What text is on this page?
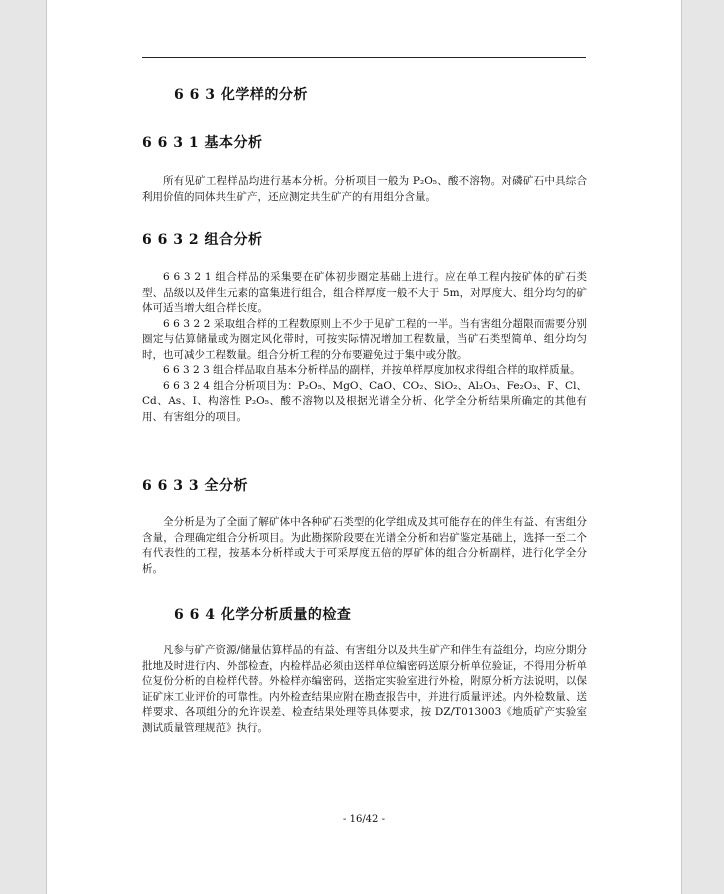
6 6 3 化学样的分析
6 6 3 1 基本分析

所有见矿工程样品均进行基本分析。分析项目一般为 P₂O₅、酸不溶物。对磷矿石中具综合利用价值的同体共生矿产，还应测定共生矿产的有用组分含量。

6 6 3 2 组合分析

6 6 3 2 1 组合样品的采集要在矿体初步圈定基础上进行。应在单工程内按矿体的矿石类型、品级以及伴生元素的富集进行组合，组合样厚度一般不大于 5m，对厚度大、组分均匀的矿体可适当增大组合样长度。

6 6 3 2 2 采取组合样的工程数原则上不少于见矿工程的一半。当有害组分超限而需要分别圈定与估算储量或为圈定风化带时，可按实际情况增加工程数量，当矿石类型简单、组分均匀时，也可减少工程数量。组合分析工程的分布要避免过于集中或分散。

6 6 3 2 3 组合样品取自基本分析样品的副样，并按单样厚度加权求得组合样的取样质量。

6 6 3 2 4 组合分析项目为：P₂O₅、MgO、CaO、CO₂、SiO₂、Al₂O₃、Fe₂O₃、F、Cl、Cd、As、I、构溶性 P₂O₅、酸不溶物以及根据光谱全分析、化学全分析结果所确定的其他有用、有害组分的项目。

6 6 3 3 全分析

全分析是为了全面了解矿体中各种矿石类型的化学组成及其可能存在的伴生有益、有害组分含量，合理确定组合分析项目。为此勘探阶段要在光谱全分析和岩矿鉴定基础上，选择一至二个有代表性的工程，按基本分析样或大于可采厚度五倍的厚矿体的组合分析副样，进行化学全分析。

6 6 4 化学分析质量的检查

凡参与矿产资源/储量估算样品的有益、有害组分以及共生矿产和伴生有益组分，均应分期分批地及时进行内、外部检查，内检样品必须由送样单位编密码送原分析单位验证，不得用分析单位复份分析的自检样代替。外检样亦编密码，送指定实验室进行外检，附原分析方法说明，以保证矿床工业评价的可靠性。内外检查结果应附在勘查报告中，并进行质量评述。内外检数量、送样要求、各项组分的允许误差、检查结果处理等具体要求，按 DZ/T013003《地质矿产实验室测试质量管理规范》执行。

- 16/42 -
